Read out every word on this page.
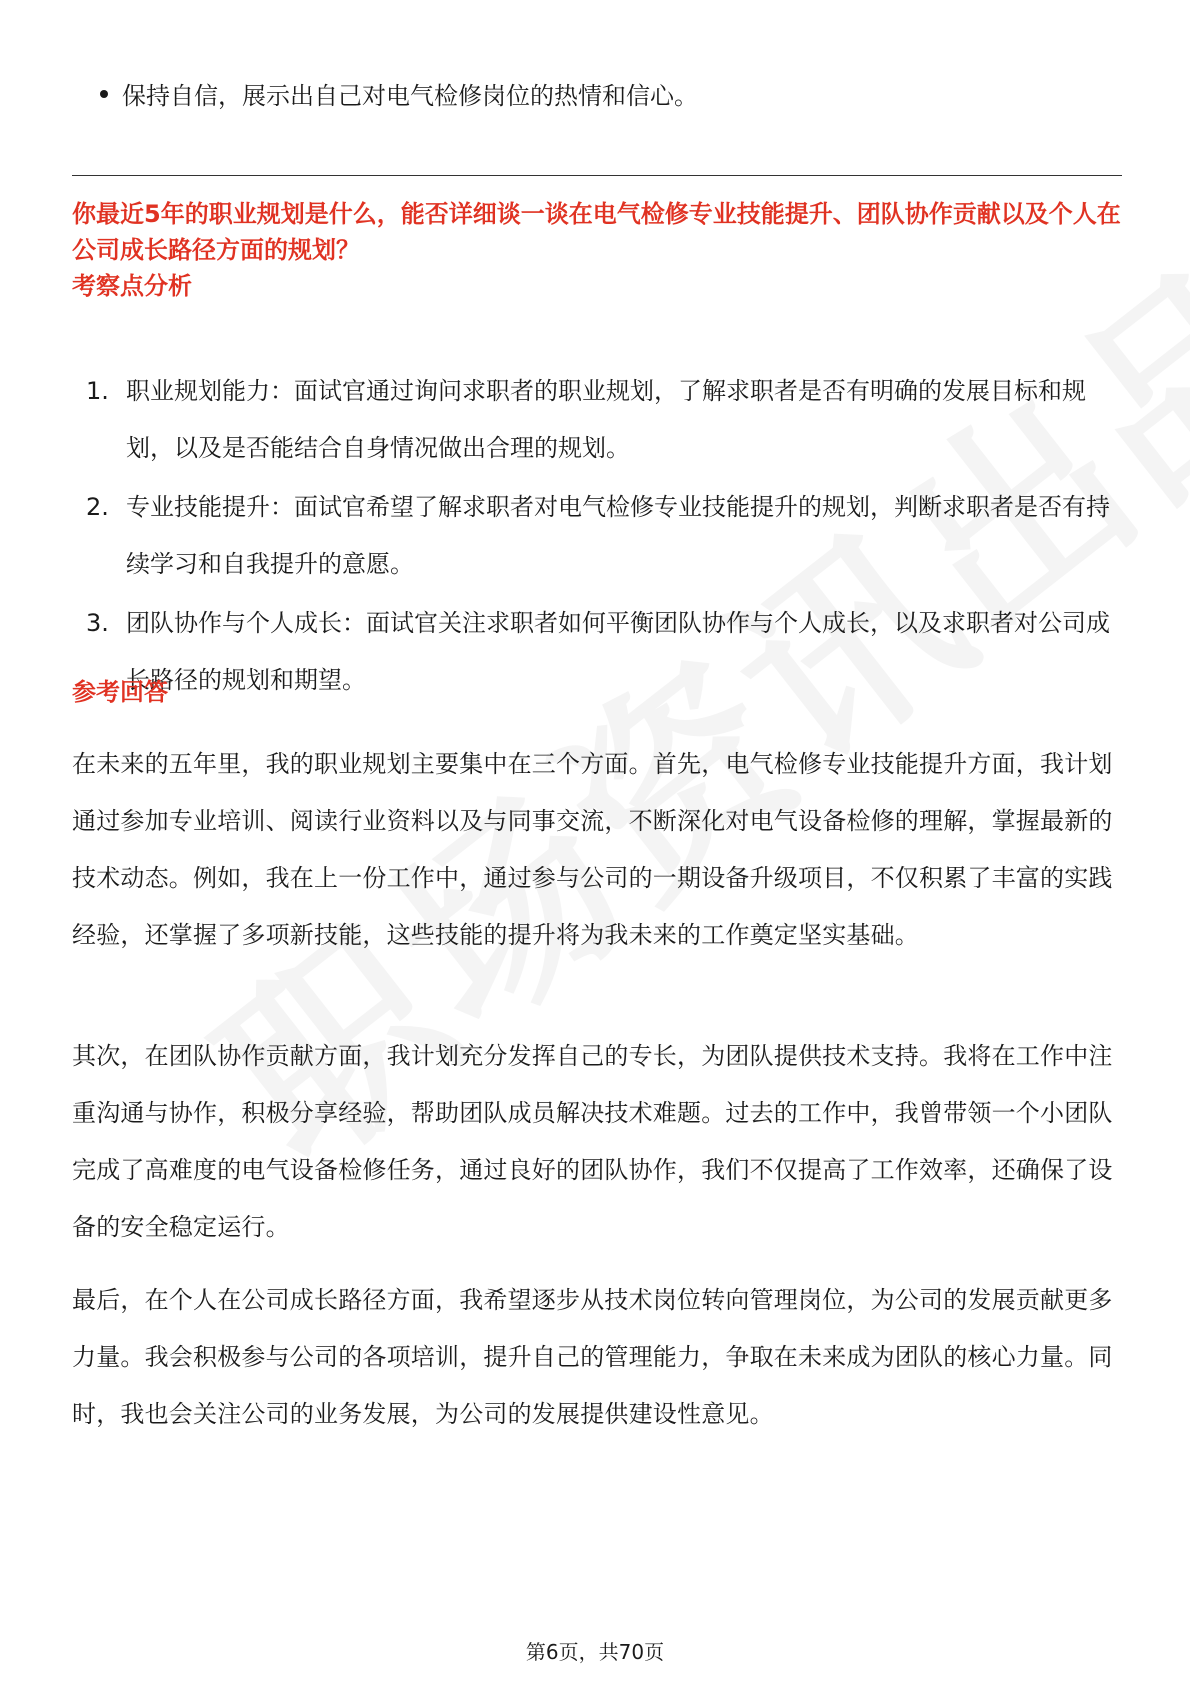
保持自信，展示出自己对电气检修岗位的热情和信心。
你最近5年的职业规划是什么，能否详细谈一谈在电气检修专业技能提升、团队协作贡献以及个人在公司成长路径方面的规划？
考察点分析
1. 职业规划能力：面试官通过询问求职者的职业规划，了解求职者是否有明确的发展目标和规划，以及是否能结合自身情况做出合理的规划。
2. 专业技能提升：面试官希望了解求职者对电气检修专业技能提升的规划，判断求职者是否有持续学习和自我提升的意愿。
3. 团队协作与个人成长：面试官关注求职者如何平衡团队协作与个人成长，以及求职者对公司成长路径的规划和期望。
参考回答

在未来的五年里，我的职业规划主要集中在三个方面。首先，电气检修专业技能提升方面，我计划通过参加专业培训、阅读行业资料以及与同事交流，不断深化对电气设备检修的理解，掌握最新的技术动态。例如，我在上一份工作中，通过参与公司的一期设备升级项目，不仅积累了丰富的实践经验，还掌握了多项新技能，这些技能的提升将为我未来的工作奠定坚实基础。

其次，在团队协作贡献方面，我计划充分发挥自己的专长，为团队提供技术支持。我将在工作中注重沟通与协作，积极分享经验，帮助团队成员解决技术难题。过去的工作中，我曾带领一个小团队完成了高难度的电气设备检修任务，通过良好的团队协作，我们不仅提高了工作效率，还确保了设备的安全稳定运行。

最后，在个人在公司成长路径方面，我希望逐步从技术岗位转向管理岗位，为公司的发展贡献更多力量。我会积极参与公司的各项培训，提升自己的管理能力，争取在未来成为团队的核心力量。同时，我也会关注公司的业务发展，为公司的发展提供建设性意见。

第6页，共70页
